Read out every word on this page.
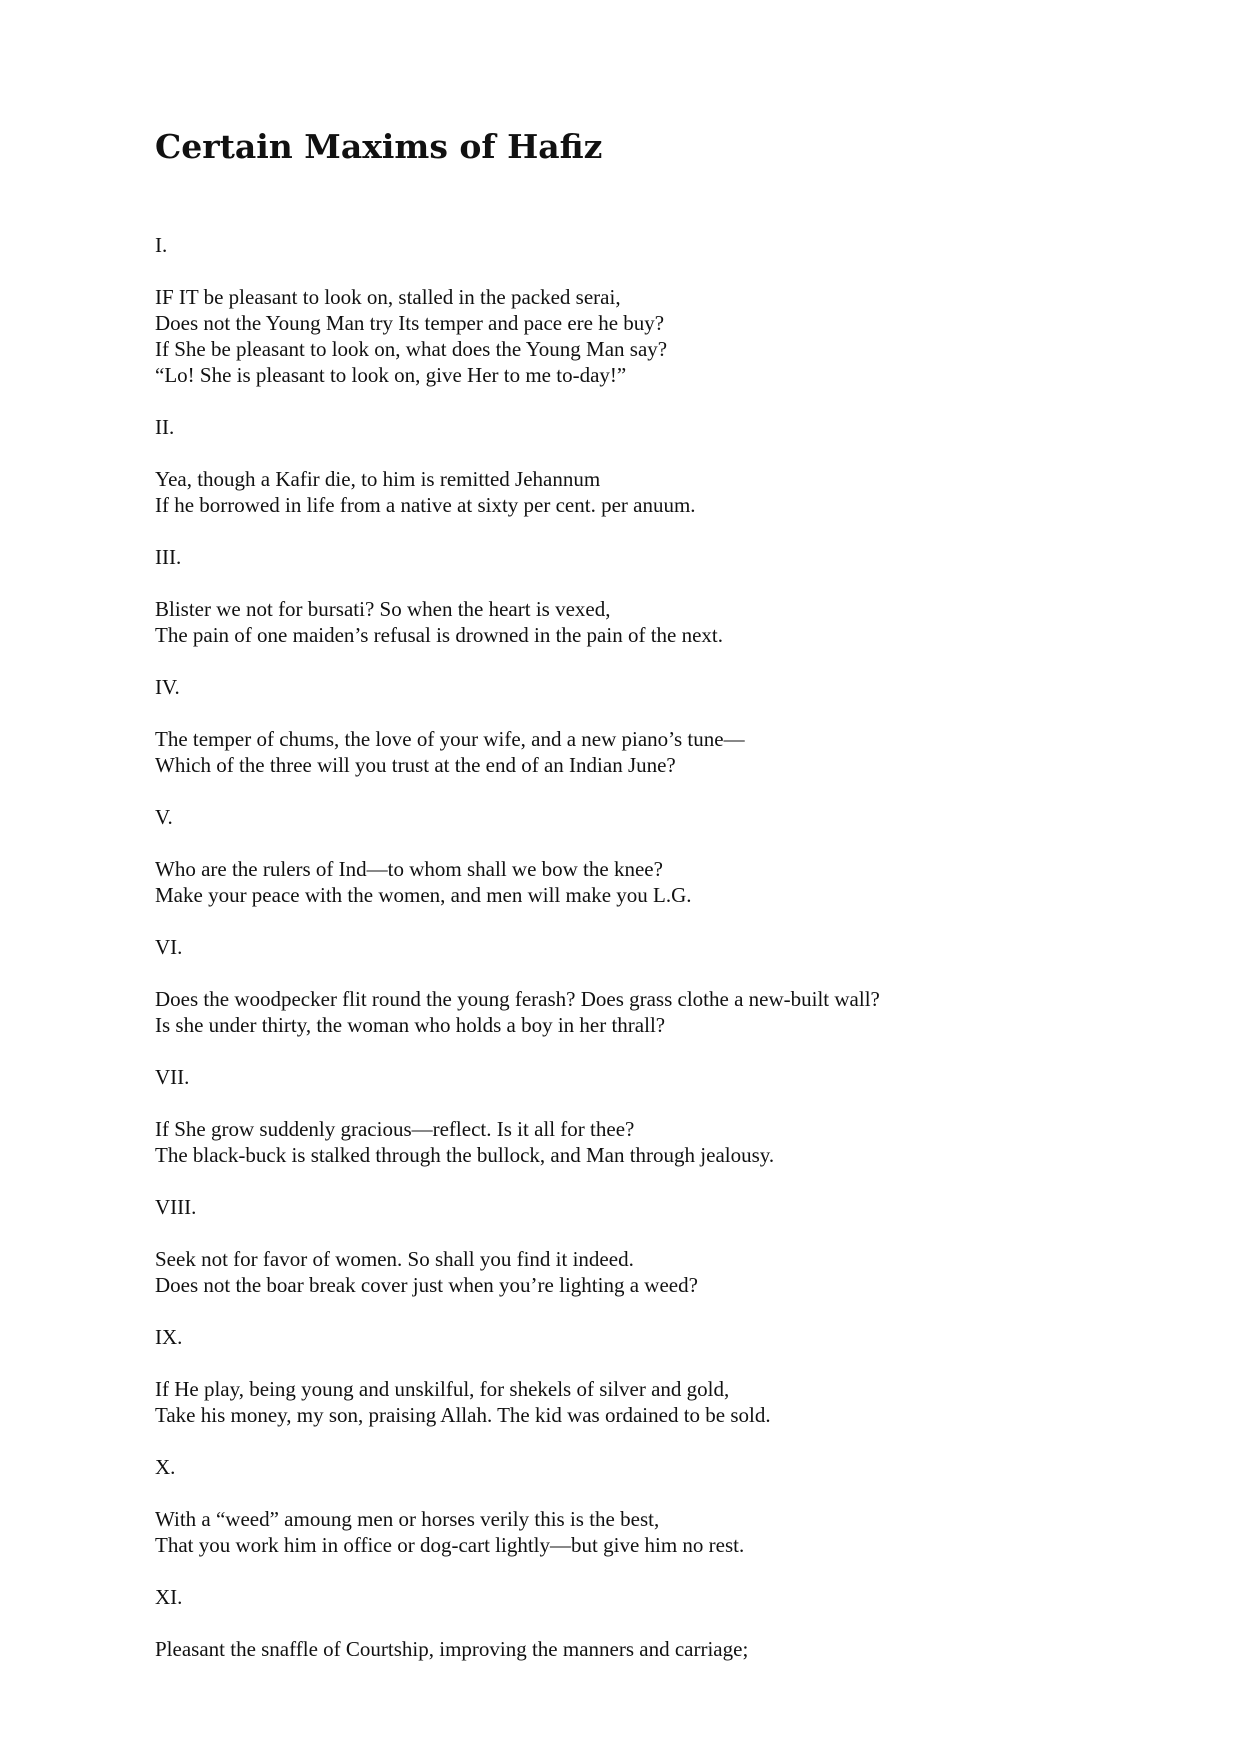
Certain Maxims of Hafiz

I.

IF IT be pleasant to look on, stalled in the packed serai,

Does not the Young Man try Its temper and pace ere he buy?

If She be pleasant to look on, what does the Young Man say?

“Lo! She is pleasant to look on, give Her to me to-day!”

II.

Yea, though a Kafir die, to him is remitted Jehannum

If he borrowed in life from a native at sixty per cent. per anuum.

III.

Blister we not for bursati? So when the heart is vexed,

The pain of one maiden’s refusal is drowned in the pain of the next.

IV.

The temper of chums, the love of your wife, and a new piano’s tune—

Which of the three will you trust at the end of an Indian June?

V.

Who are the rulers of Ind—to whom shall we bow the knee?

Make your peace with the women, and men will make you L.G.

VI.

Does the woodpecker flit round the young ferash? Does grass clothe a new-built wall?

Is she under thirty, the woman who holds a boy in her thrall?

VII.

If She grow suddenly gracious—reflect. Is it all for thee?

The black-buck is stalked through the bullock, and Man through jealousy.

VIII.

Seek not for favor of women. So shall you find it indeed.

Does not the boar break cover just when you’re lighting a weed?

IX.

If He play, being young and unskilful, for shekels of silver and gold,

Take his money, my son, praising Allah. The kid was ordained to be sold.

X.

With a “weed” amoung men or horses verily this is the best,

That you work him in office or dog-cart lightly—but give him no rest.

XI.

Pleasant the snaffle of Courtship, improving the manners and carriage;
